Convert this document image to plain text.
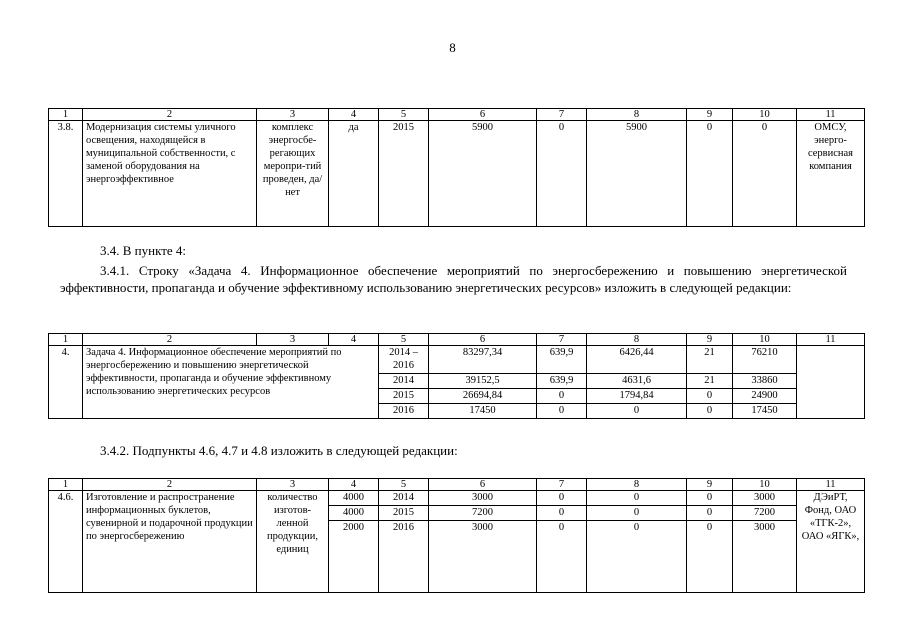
8
1	2	3	4	5	6	7	8	9	10	11
3.8.	Модернизация системы уличного освещения, находящейся в муниципальной собственности, с заменой оборудования на энергоэффективное	комплекс энергосбе-регающих меропри-тий проведен, да/нет	да	2015	5900	0	5900	0	0	ОМСУ, энерго-сервисная компания
3.4. В пункте 4:
3.4.1. Строку «Задача 4. Информационное обеспечение мероприятий по энергосбережению и повышению энергетической эффективности, пропаганда и обучение эффективному использованию энергетических ресурсов» изложить в следующей редакции:
1	2	3	4	5	6	7	8	9	10	11
4.	Задача 4. Информационное обеспечение мероприятий по энергосбережению и повышению энергетической эффективности, пропаганда и обучение эффективному использованию энергетических ресурсов			2014 – 2016	83297,34	639,9	6426,44	21	76210	
				2014	39152,5	639,9	4631,6	21	33860	
				2015	26694,84	0	1794,84	0	24900	
				2016	17450	0	0	0	17450	
3.4.2. Подпункты 4.6, 4.7 и 4.8 изложить в следующей редакции:
1	2	3	4	5	6	7	8	9	10	11
4.6.	Изготовление и распространение информационных буклетов, сувенирной и подарочной продукции по энергосбережению	количество изготов-ленной продукции, единиц	4000	2014	3000	0	0	0	3000	ДЭиРТ, Фонд, ОАО «ТГК-2», ОАО «ЯГК»,
			4000	2015	7200	0	0	0	7200	
			2000	2016	3000	0	0	0	3000	
